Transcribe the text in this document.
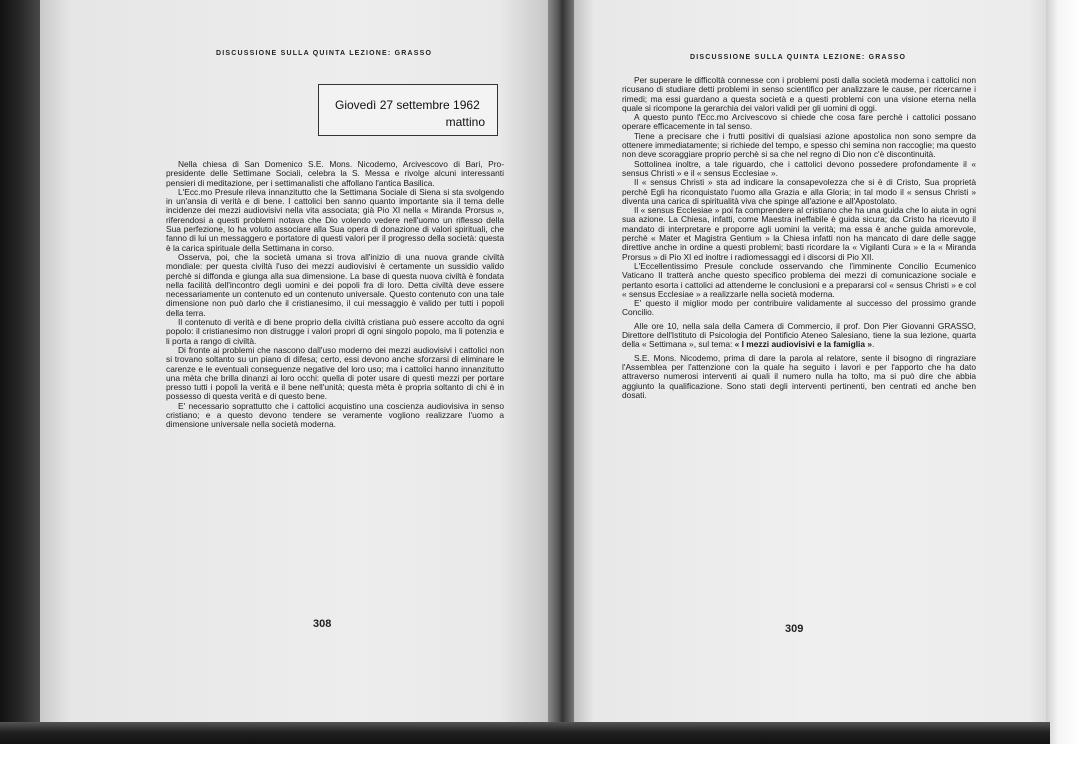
DISCUSSIONE SULLA QUINTA LEZIONE: GRASSO
Giovedì 27 settembre 1962
mattino

Nella chiesa di San Domenico S.E. Mons. Nicodemo, Arcivescovo di Bari, Pro-presidente delle Settimane Sociali, celebra la S. Messa e rivolge alcuni interessanti pensieri di meditazione, per i settimanalisti che affollano l'antica Basilica.

L'Ecc.mo Presule rileva innanzitutto che la Settimana Sociale di Siena si sta svolgendo in un'ansia di verità e di bene. I cattolici ben sanno quanto importante sia il tema delle incidenze dei mezzi audiovisivi nella vita associata; già Pio XI nella « Miranda Prorsus », riferendosi a questi problemi notava che Dio volendo vedere nell'uomo un riflesso della Sua perfezione, lo ha voluto associare alla Sua opera di donazione di valori spirituali, che fanno di lui un messaggero e portatore di questi valori per il progresso della società: questa è la carica spirituale della Settimana in corso.

Osserva, poi, che la società umana si trova all'inizio di una nuova grande civiltà mondiale: per questa civiltà l'uso dei mezzi audiovisivi è certamente un sussidio valido perchè si diffonda e giunga alla sua dimensione. La base di questa nuova civiltà è fondata nella facilità dell'incontro degli uomini e dei popoli fra di loro. Detta civiltà deve essere necessariamente un contenuto ed un contenuto universale. Questo contenuto con una tale dimensione non può darlo che il cristianesimo, il cui messaggio è valido per tutti i popoli della terra.

Il contenuto di verità e di bene proprio della civiltà cristiana può essere accolto da ogni popolo: il cristianesimo non distrugge i valori propri di ogni singolo popolo, ma li potenzia e li porta a rango di civiltà.

Di fronte ai problemi che nascono dall'uso moderno dei mezzi audiovisivi i cattolici non si trovano soltanto su un piano di difesa; certo, essi devono anche sforzarsi di eliminare le carenze e le eventuali conseguenze negative del loro uso; ma i cattolici hanno innanzitutto una mèta che brilla dinanzi ai loro occhi: quella di poter usare di questi mezzi per portare presso tutti i popoli la verità e il bene nell'unità; questa mèta è propria soltanto di chi è in possesso di questa verità e di questo bene.

E' necessario soprattutto che i cattolici acquistino una coscienza audiovisiva in senso cristiano; e a questo devono tendere se veramente vogliono realizzare l'uomo a dimensione universale nella società moderna.

308
DISCUSSIONE SULLA QUINTA LEZIONE: GRASSO

Per superare le difficoltà connesse con i problemi posti dalla società moderna i cattolici non ricusano di studiare detti problemi in senso scientifico per analizzare le cause, per ricercarne i rimedi; ma essi guardano a questa società e a questi problemi con una visione eterna nella quale si ricompone la gerarchia dei valori validi per gli uomini di oggi.

A questo punto l'Ecc.mo Arcivescovo si chiede che cosa fare perchè i cattolici possano operare efficacemente in tal senso.

Tiene a precisare che i frutti positivi di qualsiasi azione apostolica non sono sempre da ottenere immediatamente; si richiede del tempo, e spesso chi semina non raccoglie; ma questo non deve scoraggiare proprio perchè si sa che nel regno di Dio non c'è discontinuità.

Sottolinea inoltre, a tale riguardo, che i cattolici devono possedere profondamente il « sensus Christi » e il « sensus Ecclesiae ».

Il « sensus Christi » sta ad indicare la consapevolezza che si è di Cristo, Sua proprietà perchè Egli ha riconquistato l'uomo alla Grazia e alla Gloria; in tal modo il « sensus Christi » diventa una carica di spiritualità viva che spinge all'azione e all'Apostolato.

Il « sensus Ecclesiae » poi fa comprendere al cristiano che ha una guida che lo aiuta in ogni sua azione. La Chiesa, infatti, come Maestra ineffabile è guida sicura; da Cristo ha ricevuto il mandato di interpretare e proporre agli uomini la verità; ma essa è anche guida amorevole, perchè « Mater et Magistra Gentium » la Chiesa infatti non ha mancato di dare delle sagge direttive anche in ordine a questi problemi; basti ricordare la « Vigilanti Cura » e la « Miranda Prorsus » di Pio XI ed inoltre i radiomessaggi ed i discorsi di Pio XII.

L'Eccellentissimo Presule conclude osservando che l'imminente Concilio Ecumenico Vaticano II tratterà anche questo specifico problema dei mezzi di comunicazione sociale e pertanto esorta i cattolici ad attenderne le conclusioni e a prepararsi col « sensus Christi » e col « sensus Ecclesiae » a realizzarle nella società moderna.

E' questo il miglior modo per contribuire validamente al successo del prossimo grande Concilio.

Alle ore 10, nella sala della Camera di Commercio, il prof. Don Pier Giovanni GRASSO, Direttore dell'Istituto di Psicologia del Pontificio Ateneo Salesiano, tiene la sua lezione, quarta della « Settimana », sul tema: « I mezzi audiovisivi e la famiglia ».

S.E. Mons. Nicodemo, prima di dare la parola al relatore, sente il bisogno di ringraziare l'Assemblea per l'attenzione con la quale ha seguito i lavori e per l'apporto che ha dato attraverso numerosi interventi ai quali il numero nulla ha tolto, ma si può dire che abbia aggiunto la qualificazione. Sono stati degli interventi pertinenti, ben centrati ed anche ben dosati.

309
